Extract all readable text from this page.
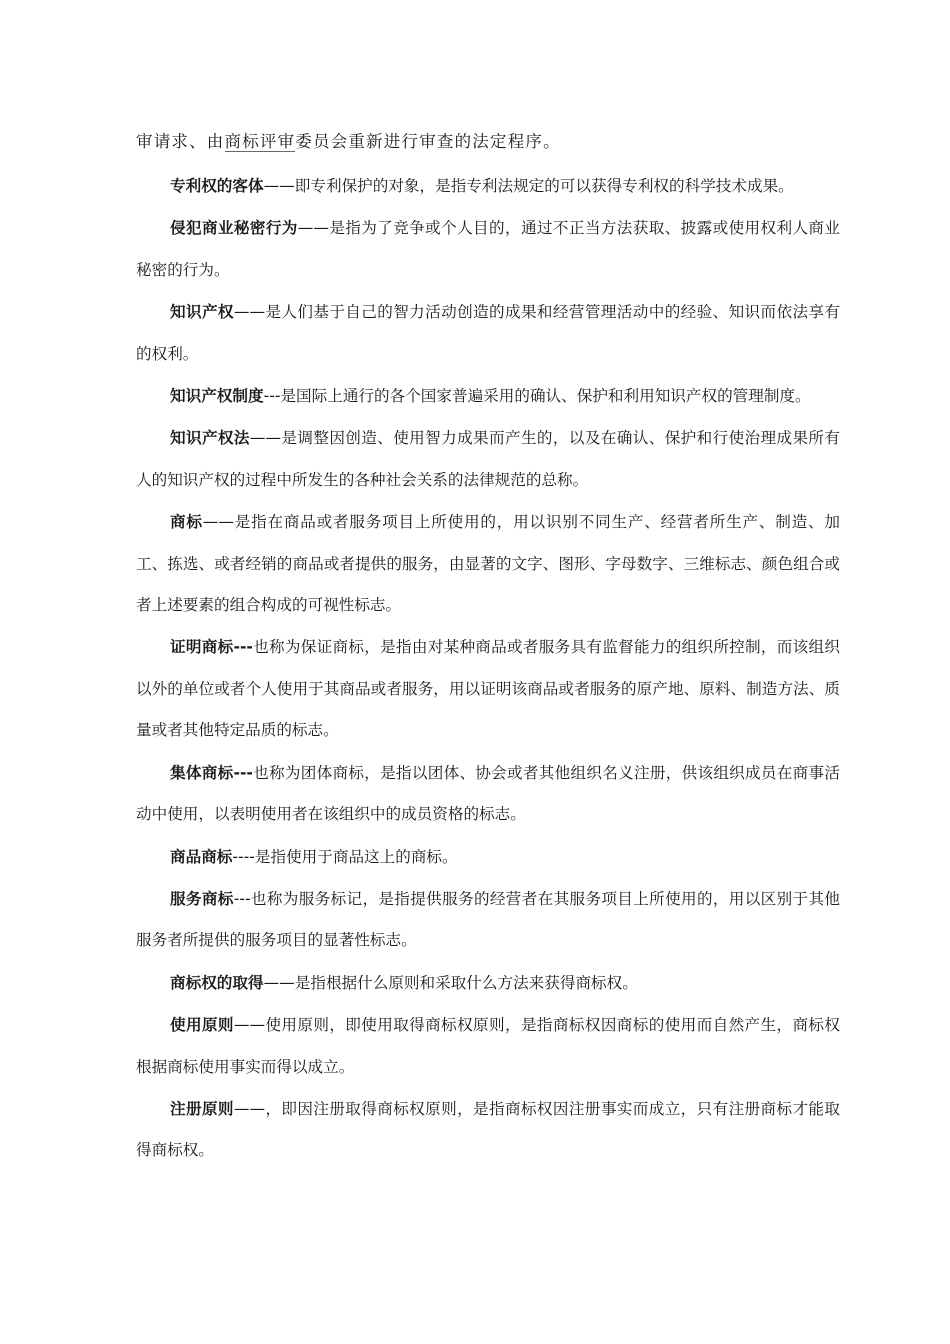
审请求、由商标评审委员会重新进行审查的法定程序。

专利权的客体——即专利保护的对象，是指专利法规定的可以获得专利权的科学技术成果。

侵犯商业秘密行为——是指为了竞争或个人目的，通过不正当方法获取、披露或使用权利人商业秘密的行为。

知识产权——是人们基于自己的智力活动创造的成果和经营管理活动中的经验、知识而依法享有的权利。

知识产权制度---是国际上通行的各个国家普遍采用的确认、保护和利用知识产权的管理制度。

知识产权法——是调整因创造、使用智力成果而产生的，以及在确认、保护和行使治理成果所有人的知识产权的过程中所发生的各种社会关系的法律规范的总称。

商标——是指在商品或者服务项目上所使用的，用以识别不同生产、经营者所生产、制造、加工、拣选、或者经销的商品或者提供的服务，由显著的文字、图形、字母数字、三维标志、颜色组合或者上述要素的组合构成的可视性标志。

证明商标---也称为保证商标，是指由对某种商品或者服务具有监督能力的组织所控制，而该组织以外的单位或者个人使用于其商品或者服务，用以证明该商品或者服务的原产地、原料、制造方法、质量或者其他特定品质的标志。

集体商标---也称为团体商标，是指以团体、协会或者其他组织名义注册，供该组织成员在商事活动中使用，以表明使用者在该组织中的成员资格的标志。

商品商标----是指使用于商品这上的商标。

服务商标---也称为服务标记，是指提供服务的经营者在其服务项目上所使用的，用以区别于其他服务者所提供的服务项目的显著性标志。

商标权的取得——是指根据什么原则和采取什么方法来获得商标权。

使用原则——使用原则，即使用取得商标权原则，是指商标权因商标的使用而自然产生，商标权根据商标使用事实而得以成立。

注册原则——，即因注册取得商标权原则，是指商标权因注册事实而成立，只有注册商标才能取得商标权。
